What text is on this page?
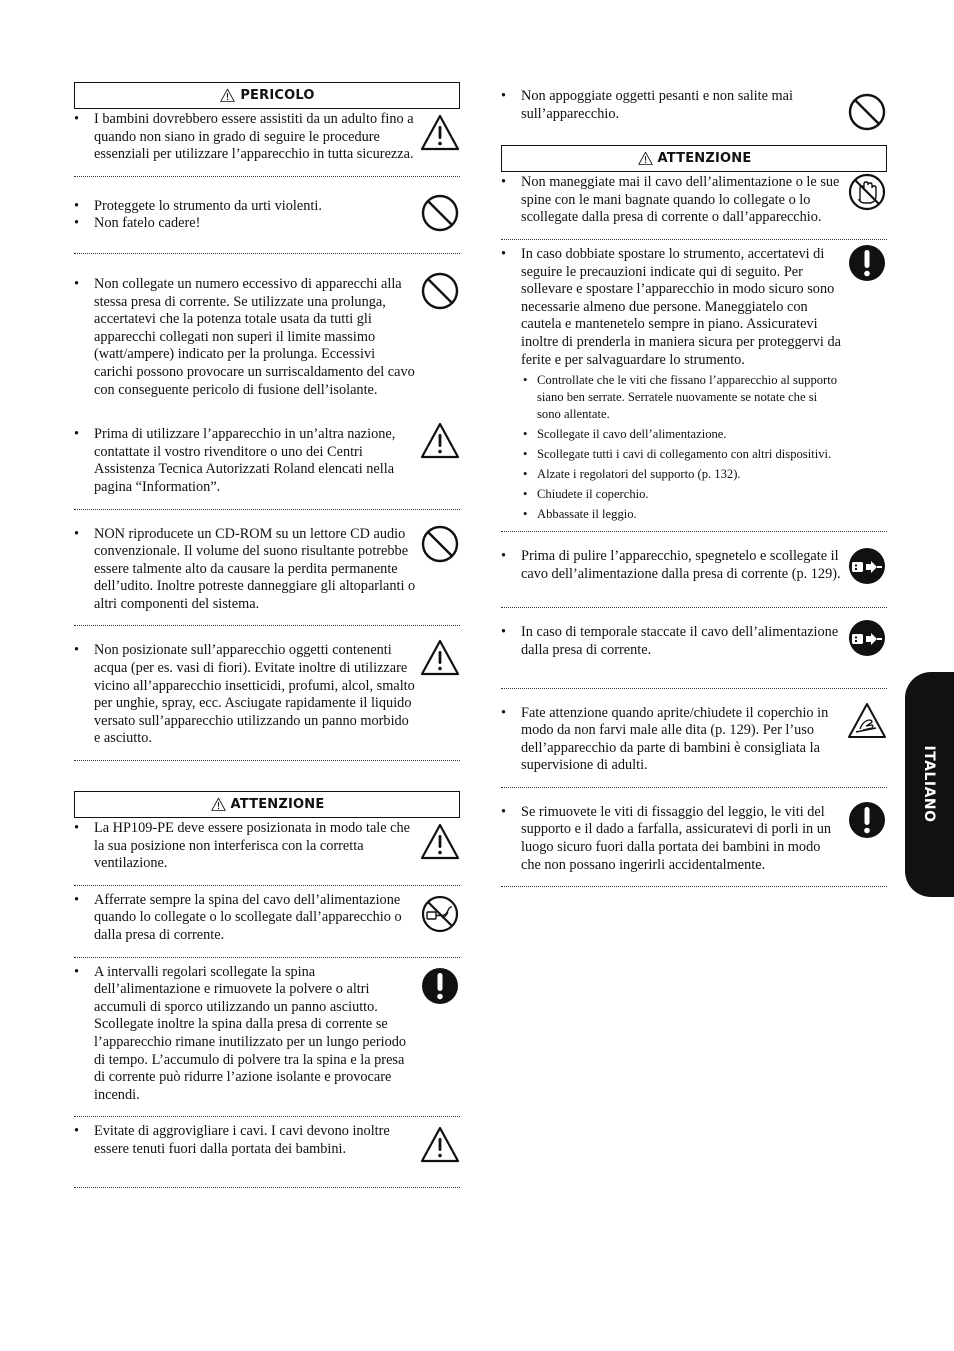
PERICOLO
• I bambini dovrebbero essere assistiti da un adulto fino a quando non siano in grado di seguire le procedure essenziali per utilizzare l’apparecchio in tutta sicurezza.
• Proteggete lo strumento da urti violenti.
• Non fatelo cadere!
• Non collegate un numero eccessivo di apparecchi alla stessa presa di corrente. Se utilizzate una prolunga, accertatevi che la potenza totale usata da tutti gli apparecchi collegati non superi il limite massimo (watt/ampere) indicato per la prolunga. Eccessivi carichi possono provocare un surriscaldamento del cavo con conseguente pericolo di fusione dell’isolante.
• Prima di utilizzare l’apparecchio in un’altra nazione, contattate il vostro rivenditore o uno dei Centri Assistenza Tecnica Autorizzati Roland elencati nella pagina “Information”.
• NON riproducete un CD-ROM su un lettore CD audio convenzionale. Il volume del suono risultante potrebbe essere talmente alto da causare la perdita permanente dell’udito. Inoltre potreste danneggiare gli altoparlanti o altri componenti del sistema.
• Non posizionate sull’apparecchio oggetti contenenti acqua (per es. vasi di fiori). Evitate inoltre di utilizzare vicino all’apparecchio insetticidi, profumi, alcol, smalto per unghie, spray, ecc. Asciugate rapidamente il liquido versato sull’apparecchio utilizzando un panno morbido e asciutto.
ATTENZIONE
• La HP109-PE deve essere posizionata in modo tale che la sua posizione non interferisca con la corretta ventilazione.
• Afferrate sempre la spina del cavo dell’alimentazione quando lo collegate o lo scollegate dall’apparecchio o dalla presa di corrente.
• A intervalli regolari scollegate la spina dell’alimentazione e rimuovete la polvere o altri accumuli di sporco utilizzando un panno asciutto. Scollegate inoltre la spina dalla presa di corrente se l’apparecchio rimane inutilizzato per un lungo periodo di tempo. L’accumulo di polvere tra la spina e la presa di corrente può ridurre l’azione isolante e provocare incendi.
• Evitate di aggrovigliare i cavi. I cavi devono inoltre essere tenuti fuori dalla portata dei bambini.
• Non appoggiate oggetti pesanti e non salite mai sull’apparecchio.
ATTENZIONE
• Non maneggiate mai il cavo dell’alimentazione o le sue spine con le mani bagnate quando lo collegate o lo scollegate dalla presa di corrente o dall’apparecchio.
• In caso dobbiate spostare lo strumento, accertatevi di seguire le precauzioni indicate qui di seguito. Per sollevare e spostare l’apparecchio in modo sicuro sono necessarie almeno due persone. Maneggiatelo con cautela e mantenetelo sempre in piano. Assicuratevi inoltre di prenderla in maniera sicura per proteggervi da ferite e per salvaguardare lo strumento.
• Controllate che le viti che fissano l’apparecchio al supporto siano ben serrate. Serratele nuovamente se notate che si sono allentate.
• Scollegate il cavo dell’alimentazione.
• Scollegate tutti i cavi di collegamento con altri dispositivi.
• Alzate i regolatori del supporto (p. 132).
• Chiudete il coperchio.
• Abbassate il leggio.
• Prima di pulire l’apparecchio, spegnetelo e scollegate il cavo dell’alimentazione dalla presa di corrente (p. 129).
• In caso di temporale staccate il cavo dell’alimentazione dalla presa di corrente.
• Fate attenzione quando aprite/chiudete il coperchio in modo da non farvi male alle dita (p. 129). Per l’uso dell’apparecchio da parte di bambini è consigliata la supervisione di adulti.
• Se rimuovete le viti di fissaggio del leggio, le viti del supporto e il dado a farfalla, assicuratevi di porli in un luogo sicuro fuori dalla portata dei bambini in modo che non possano ingerirli accidentalmente.
ITALIANO
